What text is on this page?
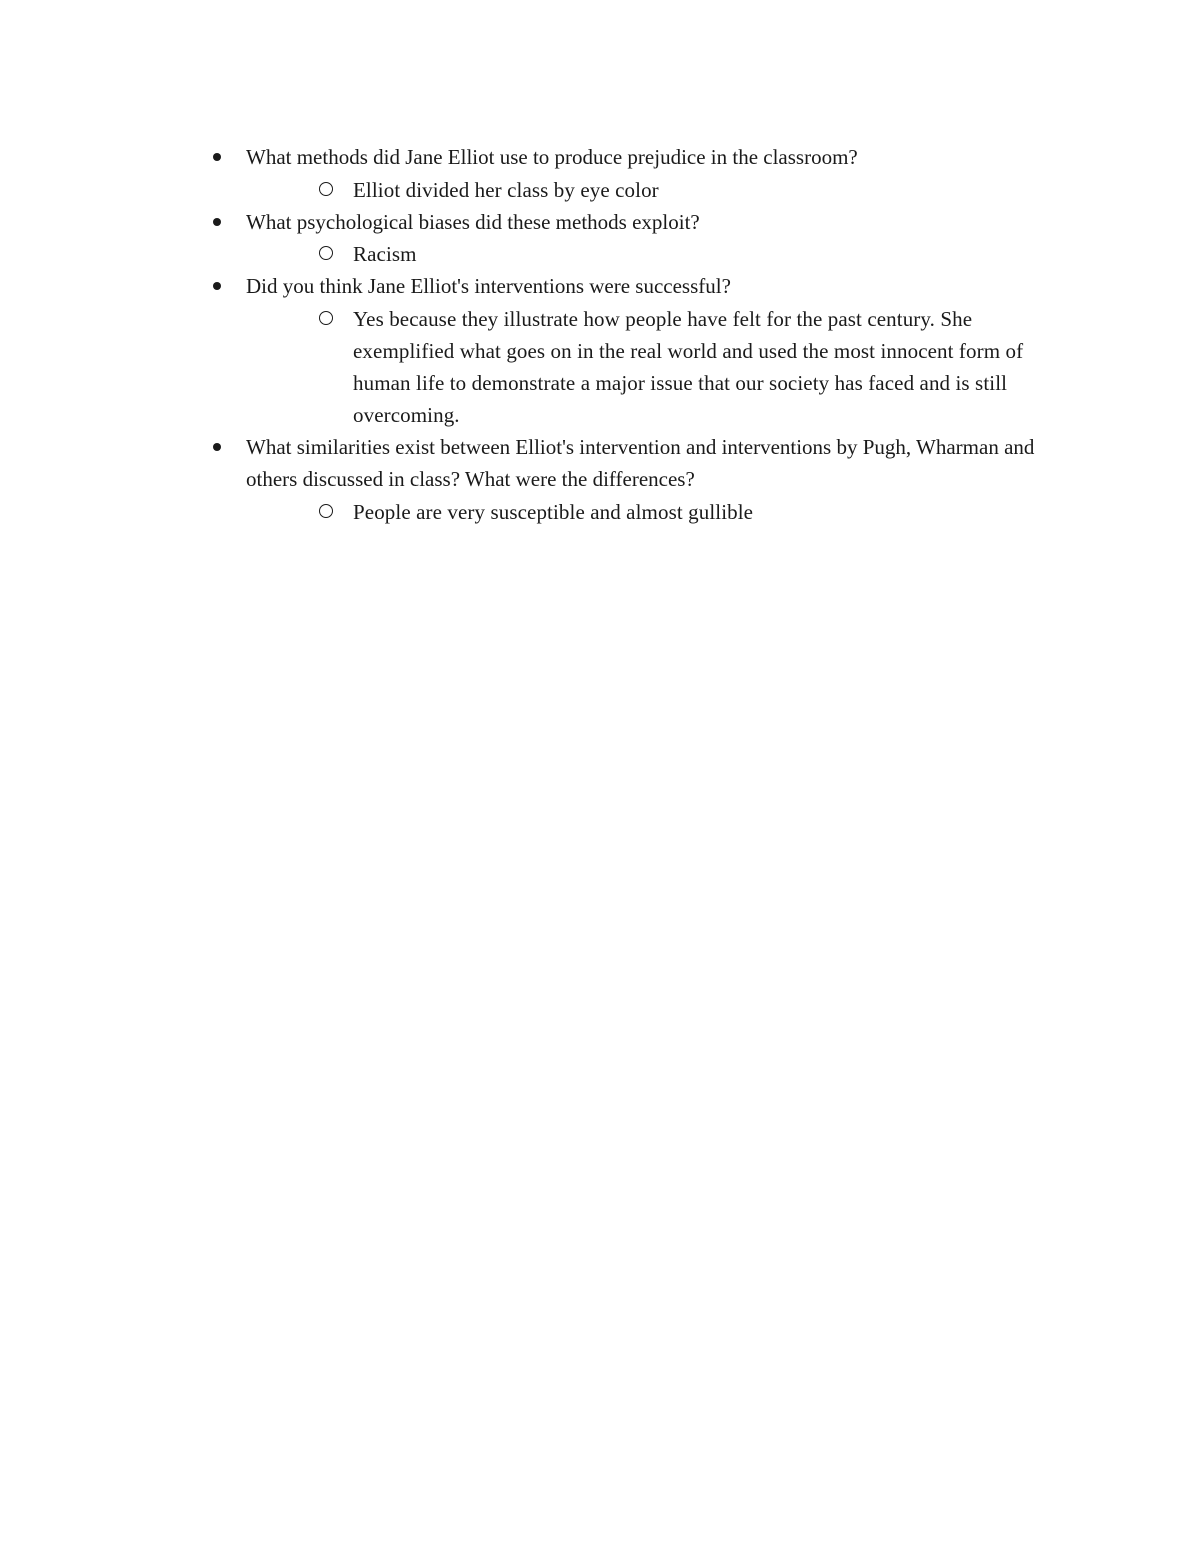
What methods did Jane Elliot use to produce prejudice in the classroom?
Elliot divided her class by eye color
What psychological biases did these methods exploit?
Racism
Did you think Jane Elliot's interventions were successful?
Yes because they illustrate how people have felt for the past century. She exemplified what goes on in the real world and used the most innocent form of human life to demonstrate a major issue that our society has faced and is still overcoming.
What similarities exist between Elliot's intervention and interventions by Pugh, Wharman and others discussed in class? What were the differences?
People are very susceptible and almost gullible
